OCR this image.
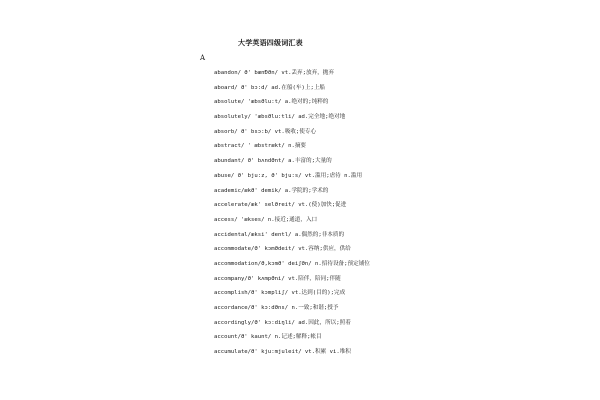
大学英语四级词汇表
A
abandon/ Ə' bænÐƏn/ vt.丢弃;放弃，抛弃
aboard/ Ə' bɔ:d/ ad.在船(车)上;上船
absolute/ 'æbsƏlu:t/ a.绝对的;纯粹的
absolutely/ 'æbsƏlu:tli/ ad.完全地;绝对地
absorb/ Ə' bsɔ:b/ vt.吸收;使专心
abstract/ ' æbstrækt/ n.摘要
abundant/ Ə' bʌndƏnt/ a.丰富的;大量的
abuse/ Ə' bju:z, Ə' bju:s/ vt.滥用;虐待 n.滥用
academic/ækƏ' demik/ a.学院的;学术的
accelerate/æk' selƏreit/ vt.(使)加快;促进
access/ 'ækses/ n.接近;通道，入口
accidental/æksi' dentl/ a.偶然的;非本质的
accommodate/Ə' kɔmƏdeit/ vt.容纳;供应，供给
accommodation/Ə,kɔmƏ' deiʃƏn/ n.招待设备;预定铺位
accompany/Ə' kʌmpƏni/ vt.陪伴，陪同;伴随
accomplish/Ə' kɔmpliʃ/ vt.达到(目的);完成
accordance/Ə' kɔ:dƏns/ n.一致;和谐;授予
accordingly/Ə' kɔ:diŋli/ ad.因此，所以;照着
account/Ə' kaunt/ n.记述;解释;帐目
accumulate/Ə' kju:mjuleit/ vt.积累 vi.堆积
